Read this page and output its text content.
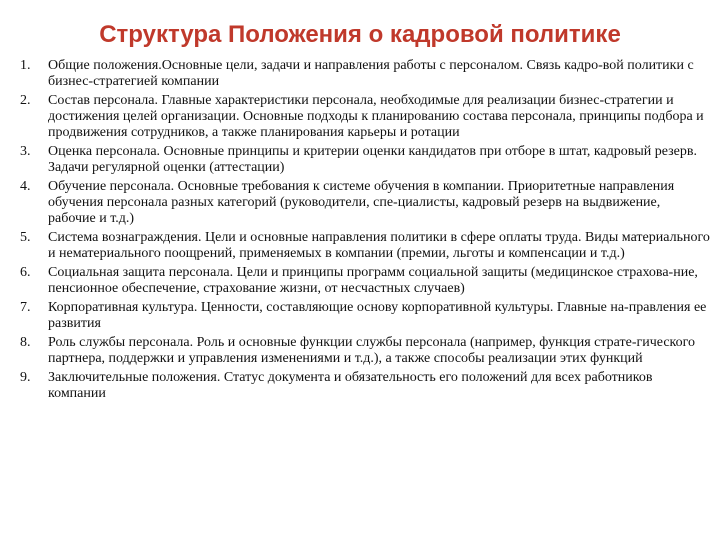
Структура Положения о кадровой политике
1.	Общие положения.Основные цели, задачи и направления работы с персоналом. Связь кадро-вой политики с бизнес-стратегией компании
2.	Состав персонала. Главные характеристики персонала, необходимые для реализации бизнес-стратегии и достижения целей организации. Основные подходы к планированию состава персонала, принципы подбора и продвижения сотрудников, а также планирования карьеры и ротации
3.	Оценка персонала. Основные принципы и критерии оценки кандидатов при отборе в штат, кадровый резерв. Задачи регулярной оценки (аттестации)
4.	Обучение персонала. Основные требования к системе обучения в компании. Приоритетные направления обучения персонала разных категорий (руководители, спе-циалисты, кадровый резерв на выдвижение, рабочие и т.д.)
5.	Система вознаграждения. Цели и основные направления политики в сфере оплаты труда. Виды материального и нематериального поощрений, применяемых в компании (премии, льготы и компенсации и т.д.)
6.	Социальная защита персонала. Цели и принципы программ социальной защиты (медицинское страхова-ние, пенсионное обеспечение, страхование жизни, от несчастных случаев)
7.	Корпоративная культура. Ценности, составляющие основу корпоративной культуры. Главные на-правления ее развития
8.	Роль службы персонала. Роль и основные функции службы персонала (например, функция страте-гического партнера, поддержки и управления изменениями и т.д.), а также способы реализации этих функций
9.	Заключительные положения. Статус документа и обязательность его положений для всех работников компании
